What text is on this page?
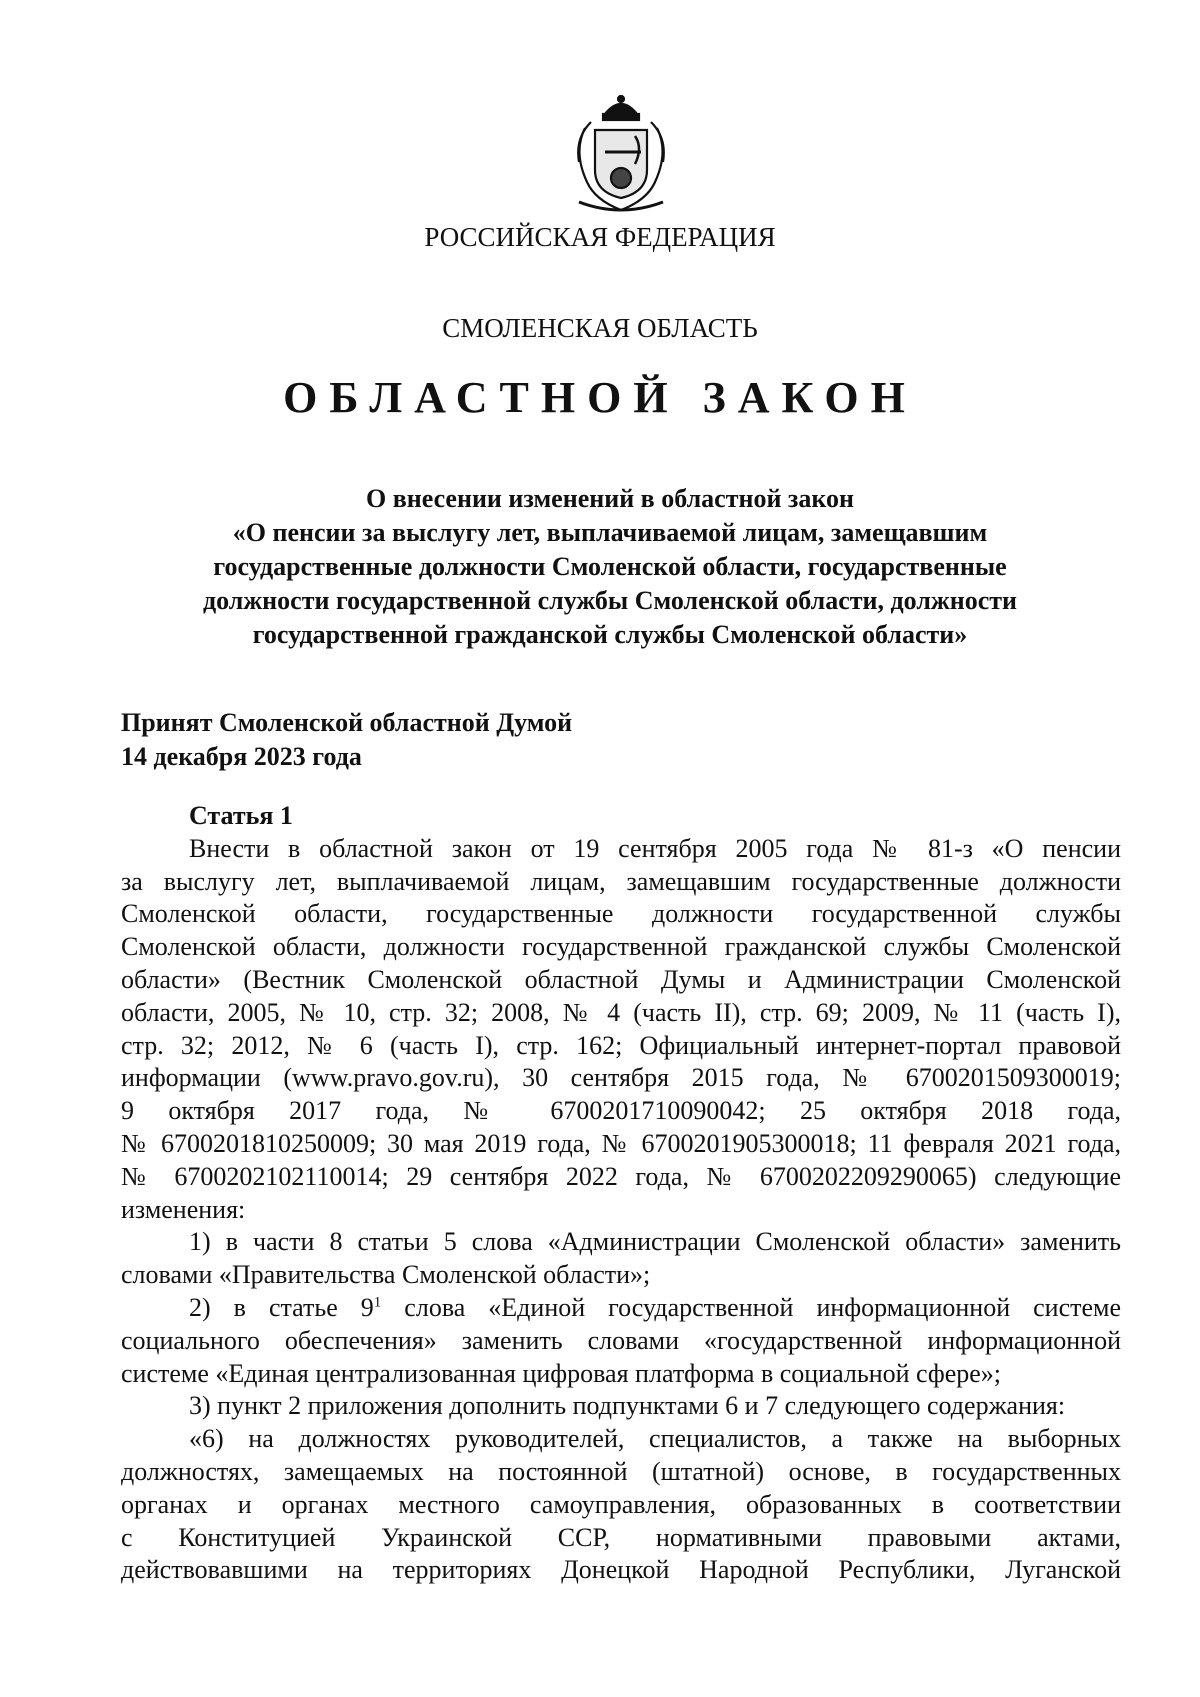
РОССИЙСКАЯ ФЕДЕРАЦИЯ
СМОЛЕНСКАЯ ОБЛАСТЬ
ОБЛАСТНОЙ ЗАКОН
О внесении изменений в областной закон
«О пенсии за выслугу лет, выплачиваемой лицам, замещавшим
государственные должности Смоленской области, государственные
должности государственной службы Смоленской области, должности
государственной гражданской службы Смоленской области»
Принят Смоленской областной Думой
14 декабря 2023 года
Статья 1
Внести в областной закон от 19 сентября 2005 года № 81-з «О пенсии
за выслугу лет, выплачиваемой лицам, замещавшим государственные должности
Смоленской области, государственные должности государственной службы
Смоленской области, должности государственной гражданской службы Смоленской
области» (Вестник Смоленской областной Думы и Администрации Смоленской
области, 2005, № 10, стр. 32; 2008, № 4 (часть II), стр. 69; 2009, № 11 (часть I),
стр. 32; 2012, № 6 (часть I), стр. 162; Официальный интернет-портал правовой
информации (www.pravo.gov.ru), 30 сентября 2015 года, № 6700201509300019;
9 октября 2017 года, № 6700201710090042; 25 октября 2018 года,
№ 6700201810250009; 30 мая 2019 года, № 6700201905300018; 11 февраля 2021 года,
№ 6700202102110014; 29 сентября 2022 года, № 6700202209290065) следующие
изменения:
1) в части 8 статьи 5 слова «Администрации Смоленской области» заменить
словами «Правительства Смоленской области»;
2) в статье $9^1$ слова «Единой государственной информационной системе
социального обеспечения» заменить словами «государственной информационной
системе «Единая централизованная цифровая платформа в социальной сфере»;
3) пункт 2 приложения дополнить подпунктами 6 и 7 следующего содержания:
«6) на должностях руководителей, специалистов, а также на выборных
должностях, замещаемых на постоянной (штатной) основе, в государственных
органах и органах местного самоуправления, образованных в соответствии
с Конституцией Украинской ССР, нормативными правовыми актами,
действовавшими на территориях Донецкой Народной Республики, Луганской
